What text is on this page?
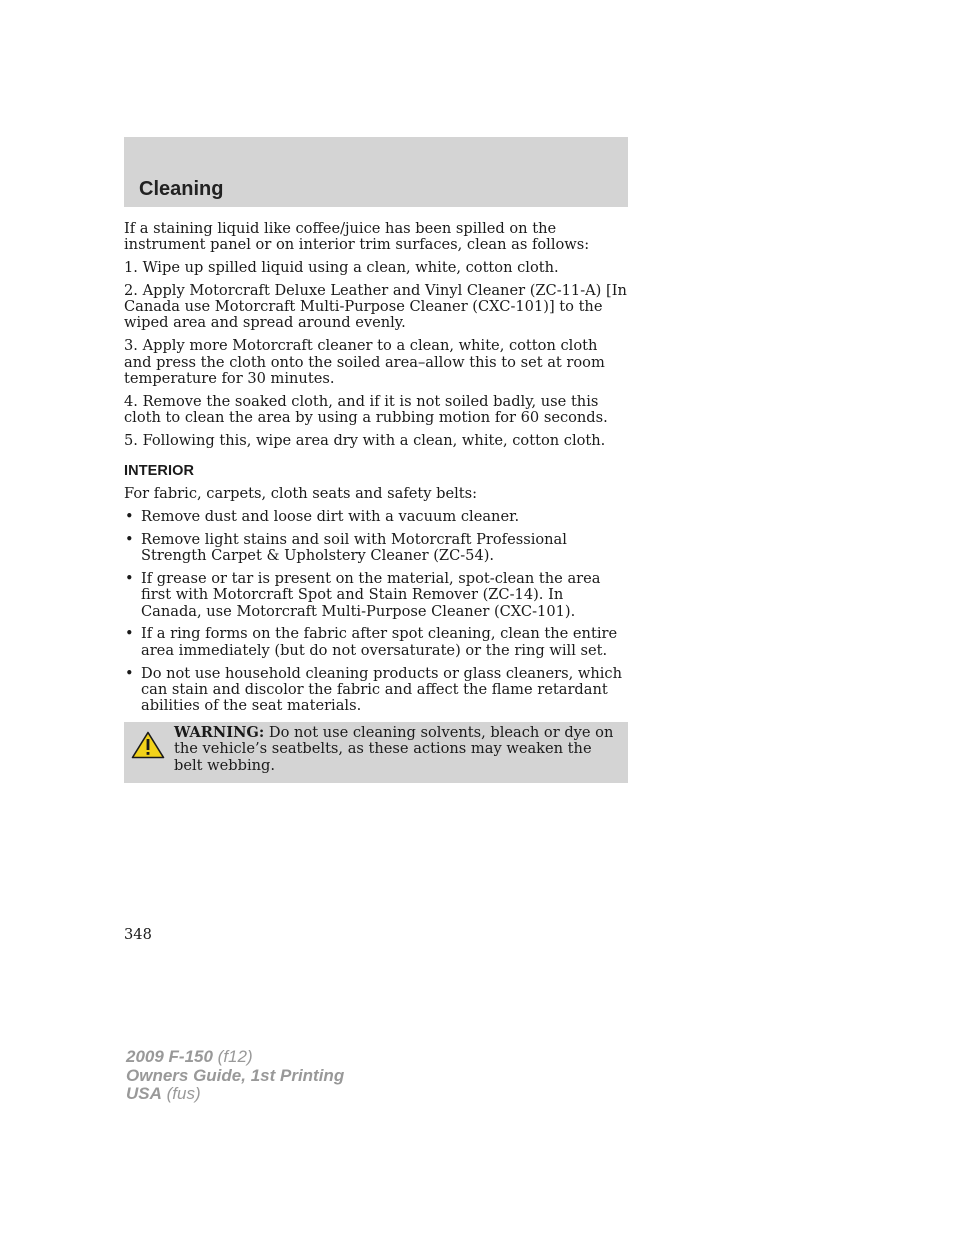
Cleaning

If a staining liquid like coffee/juice has been spilled on the instrument panel or on interior trim surfaces, clean as follows:

1. Wipe up spilled liquid using a clean, white, cotton cloth.

2. Apply Motorcraft Deluxe Leather and Vinyl Cleaner (ZC-11-A) [In Canada use Motorcraft Multi-Purpose Cleaner (CXC-101)] to the wiped area and spread around evenly.

3. Apply more Motorcraft cleaner to a clean, white, cotton cloth and press the cloth onto the soiled area–allow this to set at room temperature for 30 minutes.

4. Remove the soaked cloth, and if it is not soiled badly, use this cloth to clean the area by using a rubbing motion for 60 seconds.

5. Following this, wipe area dry with a clean, white, cotton cloth.

INTERIOR

For fabric, carpets, cloth seats and safety belts:

• Remove dust and loose dirt with a vacuum cleaner.
• Remove light stains and soil with Motorcraft Professional Strength Carpet & Upholstery Cleaner (ZC-54).
• If grease or tar is present on the material, spot-clean the area first with Motorcraft Spot and Stain Remover (ZC-14). In Canada, use Motorcraft Multi-Purpose Cleaner (CXC-101).
• If a ring forms on the fabric after spot cleaning, clean the entire area immediately (but do not oversaturate) or the ring will set.
• Do not use household cleaning products or glass cleaners, which can stain and discolor the fabric and affect the flame retardant abilities of the seat materials.
WARNING: Do not use cleaning solvents, bleach or dye on the vehicle’s seatbelts, as these actions may weaken the belt webbing.
348
2009 F-150 (f12)
Owners Guide, 1st Printing
USA (fus)
